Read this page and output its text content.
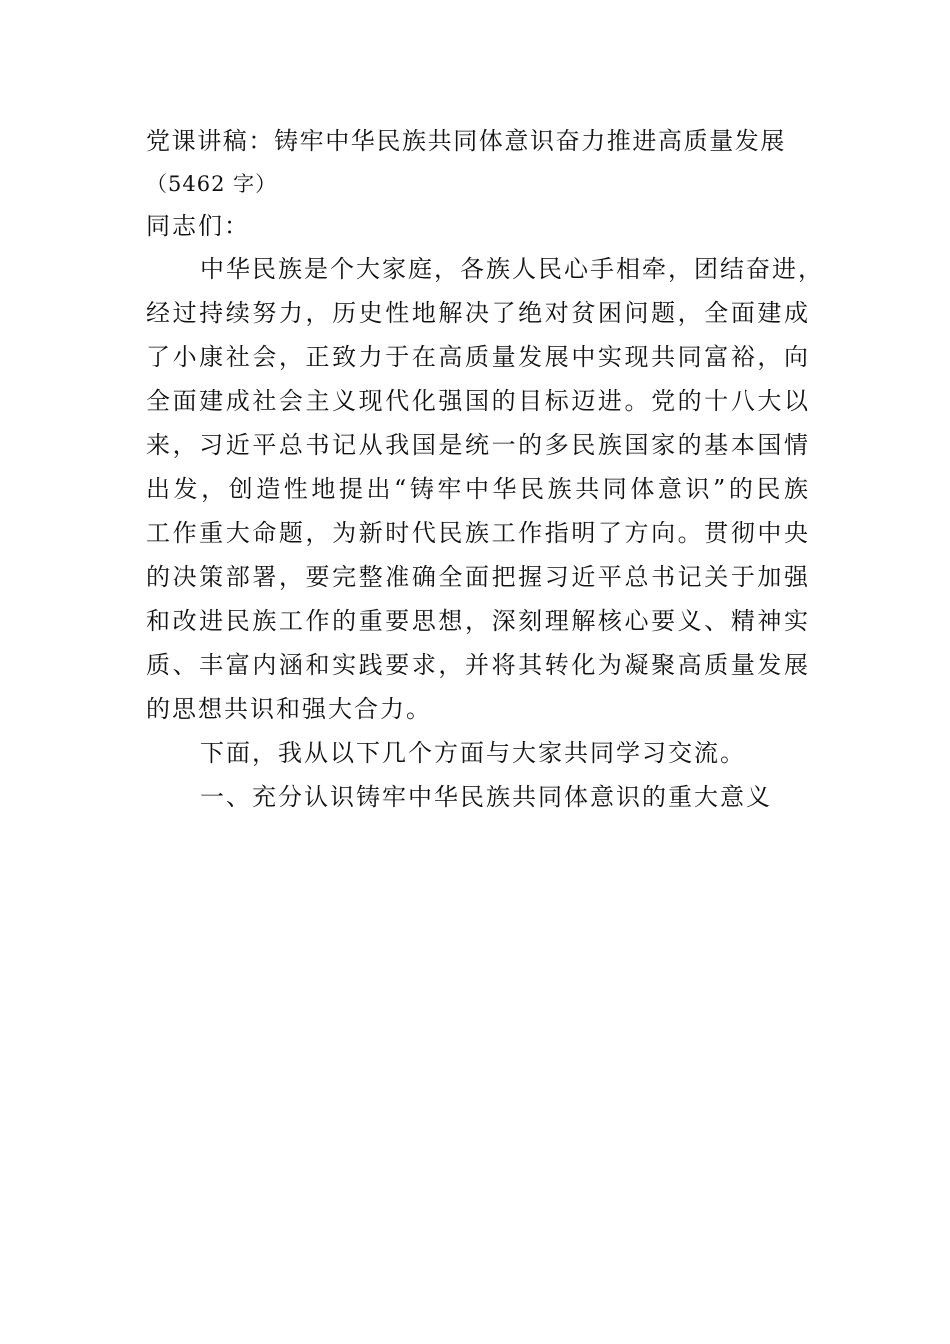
党课讲稿：铸牢中华民族共同体意识奋力推进高质量发展
（5462 字）
同志们：
中华民族是个大家庭，各族人民心手相牵，团结奋进，
经过持续努力，历史性地解决了绝对贫困问题，全面建成
了小康社会，正致力于在高质量发展中实现共同富裕，向
全面建成社会主义现代化强国的目标迈进。党的十八大以
来，习近平总书记从我国是统一的多民族国家的基本国情
出发，创造性地提出“铸牢中华民族共同体意识”的民族
工作重大命题，为新时代民族工作指明了方向。贯彻中央
的决策部署，要完整准确全面把握习近平总书记关于加强
和改进民族工作的重要思想，深刻理解核心要义、精神实
质、丰富内涵和实践要求，并将其转化为凝聚高质量发展
的思想共识和强大合力。
下面，我从以下几个方面与大家共同学习交流。
一、充分认识铸牢中华民族共同体意识的重大意义
